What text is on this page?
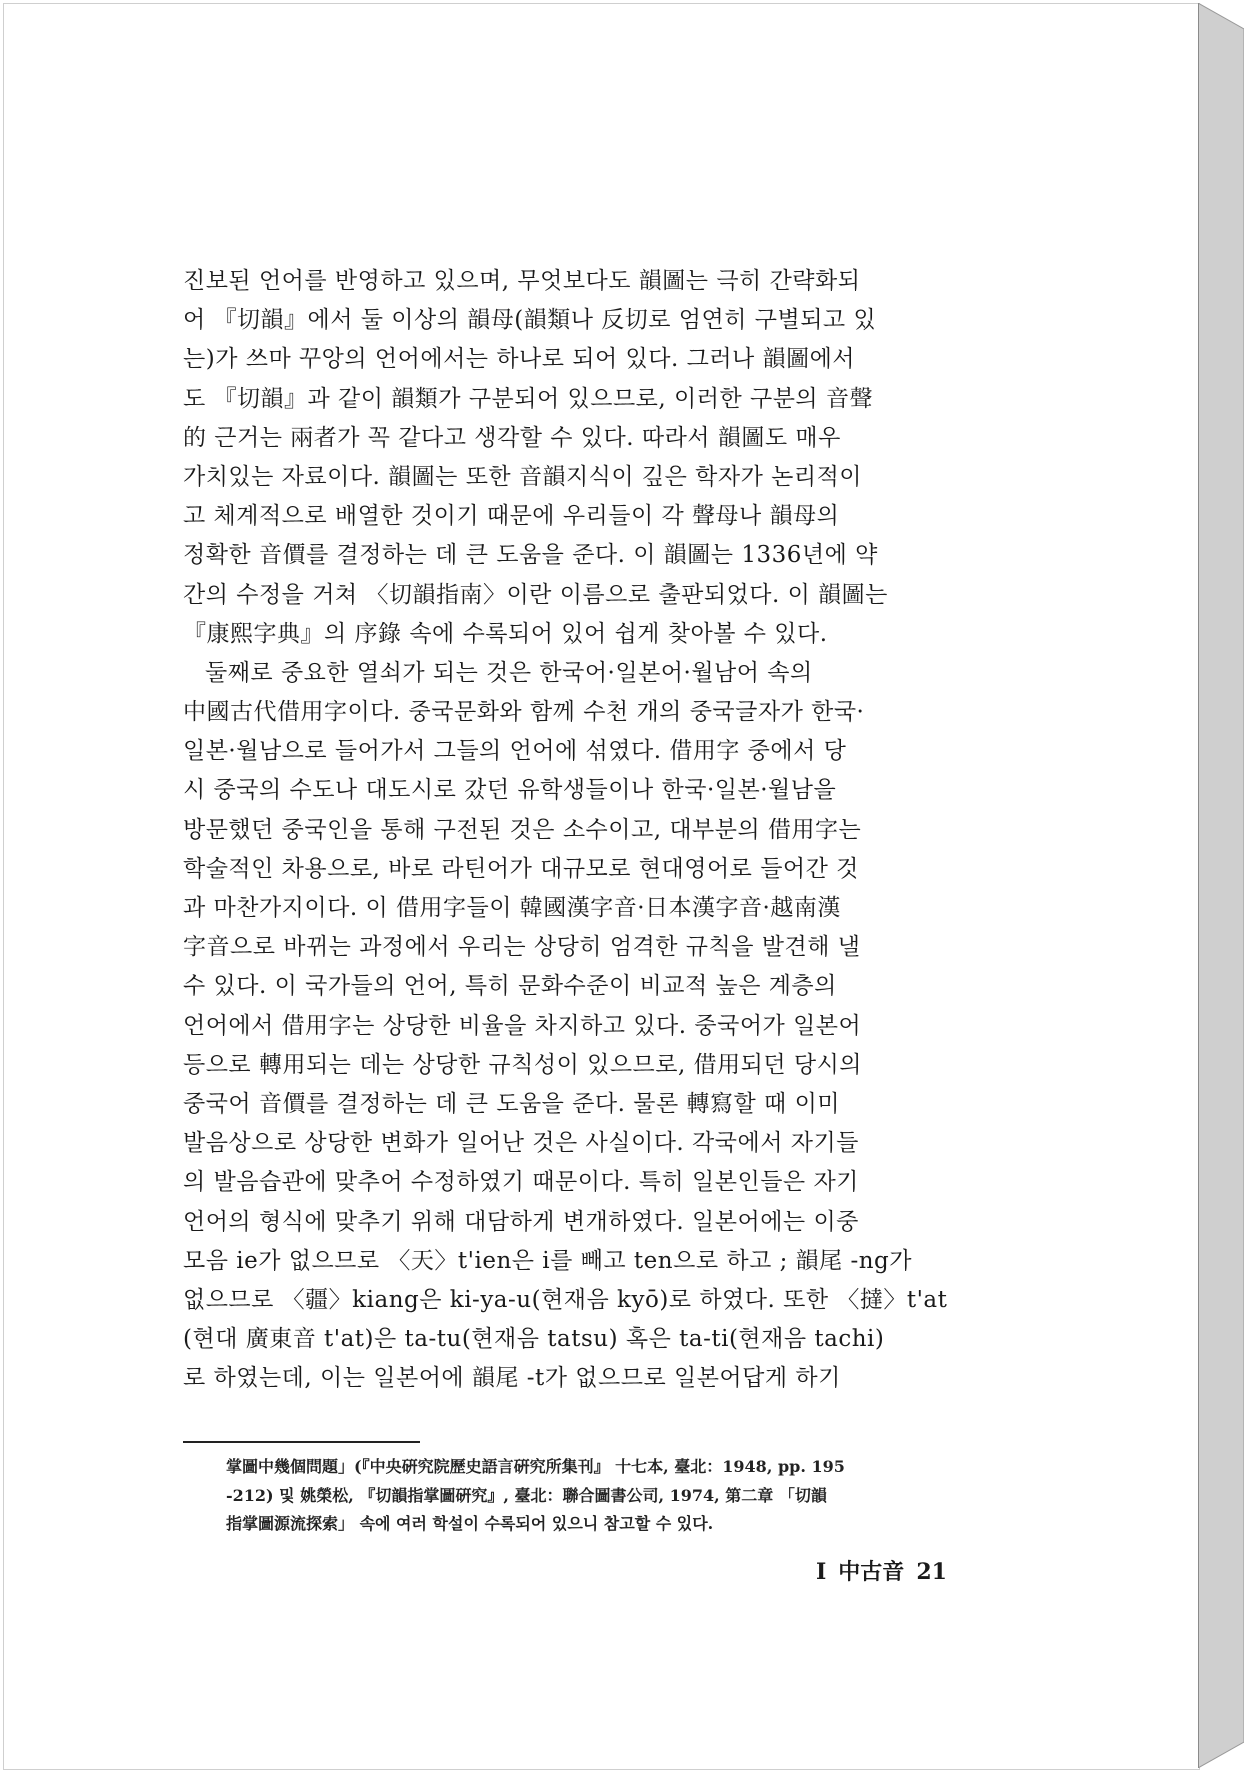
진보된 언어를 반영하고 있으며, 무엇보다도 韻圖는 극히 간략화되
어 『切韻』에서 둘 이상의 韻母(韻類나 反切로 엄연히 구별되고 있
는)가 쓰마 꾸앙의 언어에서는 하나로 되어 있다. 그러나 韻圖에서
도 『切韻』과 같이 韻類가 구분되어 있으므로, 이러한 구분의 音聲
的 근거는 兩者가 꼭 같다고 생각할 수 있다. 따라서 韻圖도 매우
가치있는 자료이다. 韻圖는 또한 音韻지식이 깊은 학자가 논리적이
고 체계적으로 배열한 것이기 때문에 우리들이 각 聲母나 韻母의
정확한 音價를 결정하는 데 큰 도움을 준다. 이 韻圖는 1336년에 약
간의 수정을 거쳐 〈切韻指南〉이란 이름으로 출판되었다. 이 韻圖는
『康熙字典』의 序錄 속에 수록되어 있어 쉽게 찾아볼 수 있다.
둘째로 중요한 열쇠가 되는 것은 한국어·일본어·월남어 속의
中國古代借用字이다. 중국문화와 함께 수천 개의 중국글자가 한국·
일본·월남으로 들어가서 그들의 언어에 섞였다. 借用字 중에서 당
시 중국의 수도나 대도시로 갔던 유학생들이나 한국·일본·월남을
방문했던 중국인을 통해 구전된 것은 소수이고, 대부분의 借用字는
학술적인 차용으로, 바로 라틴어가 대규모로 현대영어로 들어간 것
과 마찬가지이다. 이 借用字들이 韓國漢字音·日本漢字音·越南漢
字音으로 바뀌는 과정에서 우리는 상당히 엄격한 규칙을 발견해 낼
수 있다. 이 국가들의 언어, 특히 문화수준이 비교적 높은 계층의
언어에서 借用字는 상당한 비율을 차지하고 있다. 중국어가 일본어
등으로 轉用되는 데는 상당한 규칙성이 있으므로, 借用되던 당시의
중국어 音價를 결정하는 데 큰 도움을 준다. 물론 轉寫할 때 이미
발음상으로 상당한 변화가 일어난 것은 사실이다. 각국에서 자기들
의 발음습관에 맞추어 수정하였기 때문이다. 특히 일본인들은 자기
언어의 형식에 맞추기 위해 대담하게 변개하였다. 일본어에는 이중
모음 ie가 없으므로 〈天〉t'ien은 i를 빼고 ten으로 하고 ; 韻尾 -ng가
없으므로 〈疆〉kiang은 ki-ya-u(현재음 kyō)로 하였다. 또한 〈撻〉t'at
(현대 廣東音 t'at)은 ta-tu(현재음 tatsu) 혹은 ta-ti(현재음 tachi)
로 하였는데, 이는 일본어에 韻尾 -t가 없으므로 일본어답게 하기
掌圖中幾個問題」(『中央硏究院歷史語言硏究所集刊』 十七本, 臺北：1948, pp. 195
-212) 및 姚榮松, 『切韻指掌圖硏究』, 臺北：聯合圖書公司, 1974, 第二章 「切韻
指掌圖源流探索」 속에 여러 학설이 수록되어 있으니 참고할 수 있다.
I 中古音 21
